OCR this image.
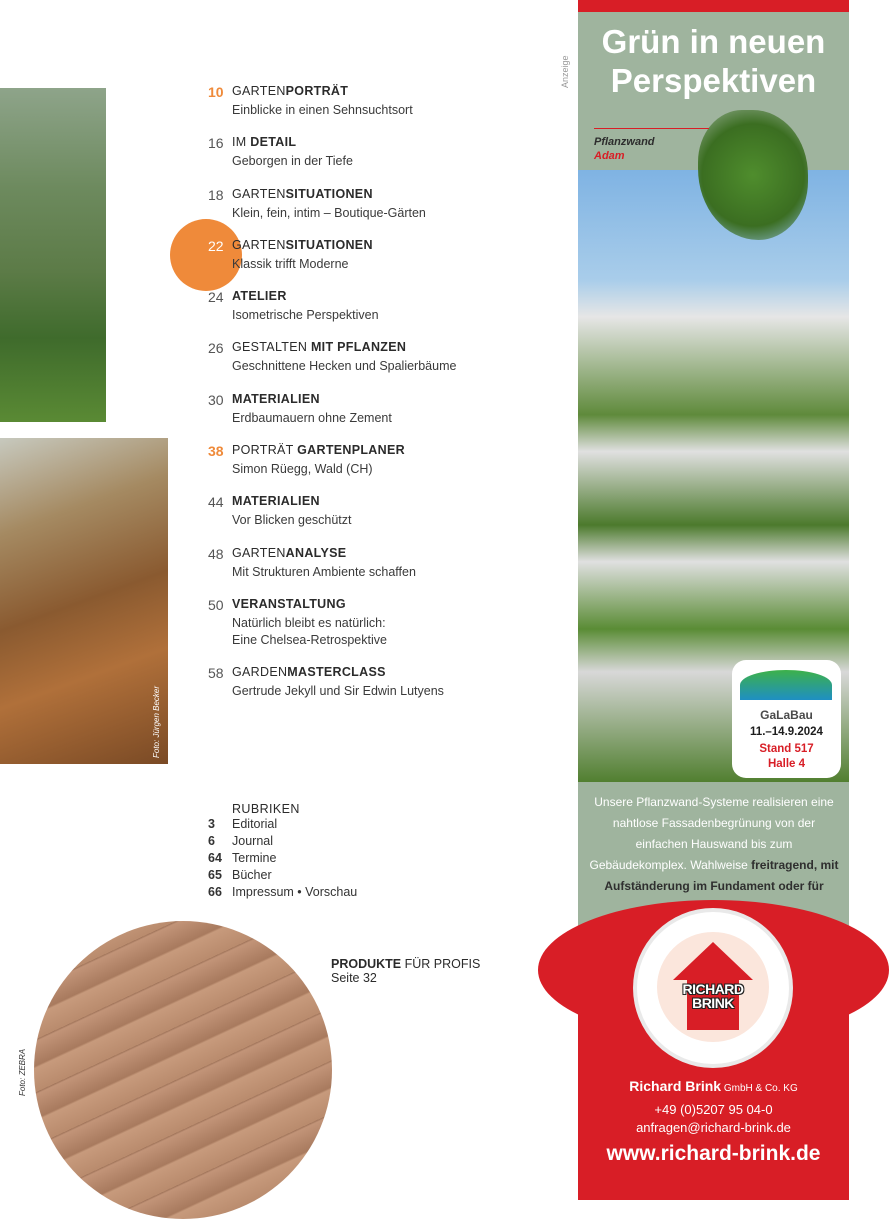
Foto: Jürgen Becker
Foto: ZEBRA
10 GARTENPORTRÄT
Einblicke in einen Sehnsuchtsort
16 IM DETAIL
Geborgen in der Tiefe
18 GARTENSITUATIONEN
Klein, fein, intim – Boutique-Gärten
22 GARTENSITUATIONEN
Klassik trifft Moderne
24 ATELIER
Isometrische Perspektiven
26 GESTALTEN MIT PFLANZEN
Geschnittene Hecken und Spalierbäume
30 MATERIALIEN
Erdbaumauern ohne Zement
38 PORTRÄT GARTENPLANER
Simon Rüegg, Wald (CH)
44 MATERIALIEN
Vor Blicken geschützt
48 GARTENANALYSE
Mit Strukturen Ambiente schaffen
50 VERANSTALTUNG
Natürlich bleibt es natürlich:
Eine Chelsea-Retrospektive
58 GARDENMASTERCLASS
Gertrude Jekyll und Sir Edwin Lutyens
RUBRIKEN
3 Editorial
6 Journal
64 Termine
65 Bücher
66 Impressum • Vorschau
PRODUKTE FÜR PROFIS
Seite 32
Anzeige
Grün in neuen
Perspektiven
Pflanzwand
Adam
GaLaBau
11.–14.9.2024
Stand 517
Halle 4
Unsere Pflanzwand-Systeme realisieren eine nahtlose Fassadenbegrünung von der einfachen Hauswand bis zum Gebäudekomplex. Wahlweise freitragend, mit Aufständerung im Fundament oder für
RICHARD
BRINK
Richard Brink GmbH & Co. KG
+49 (0)5207 95 04-0
anfragen@richard-brink.de
www.richard-brink.de
